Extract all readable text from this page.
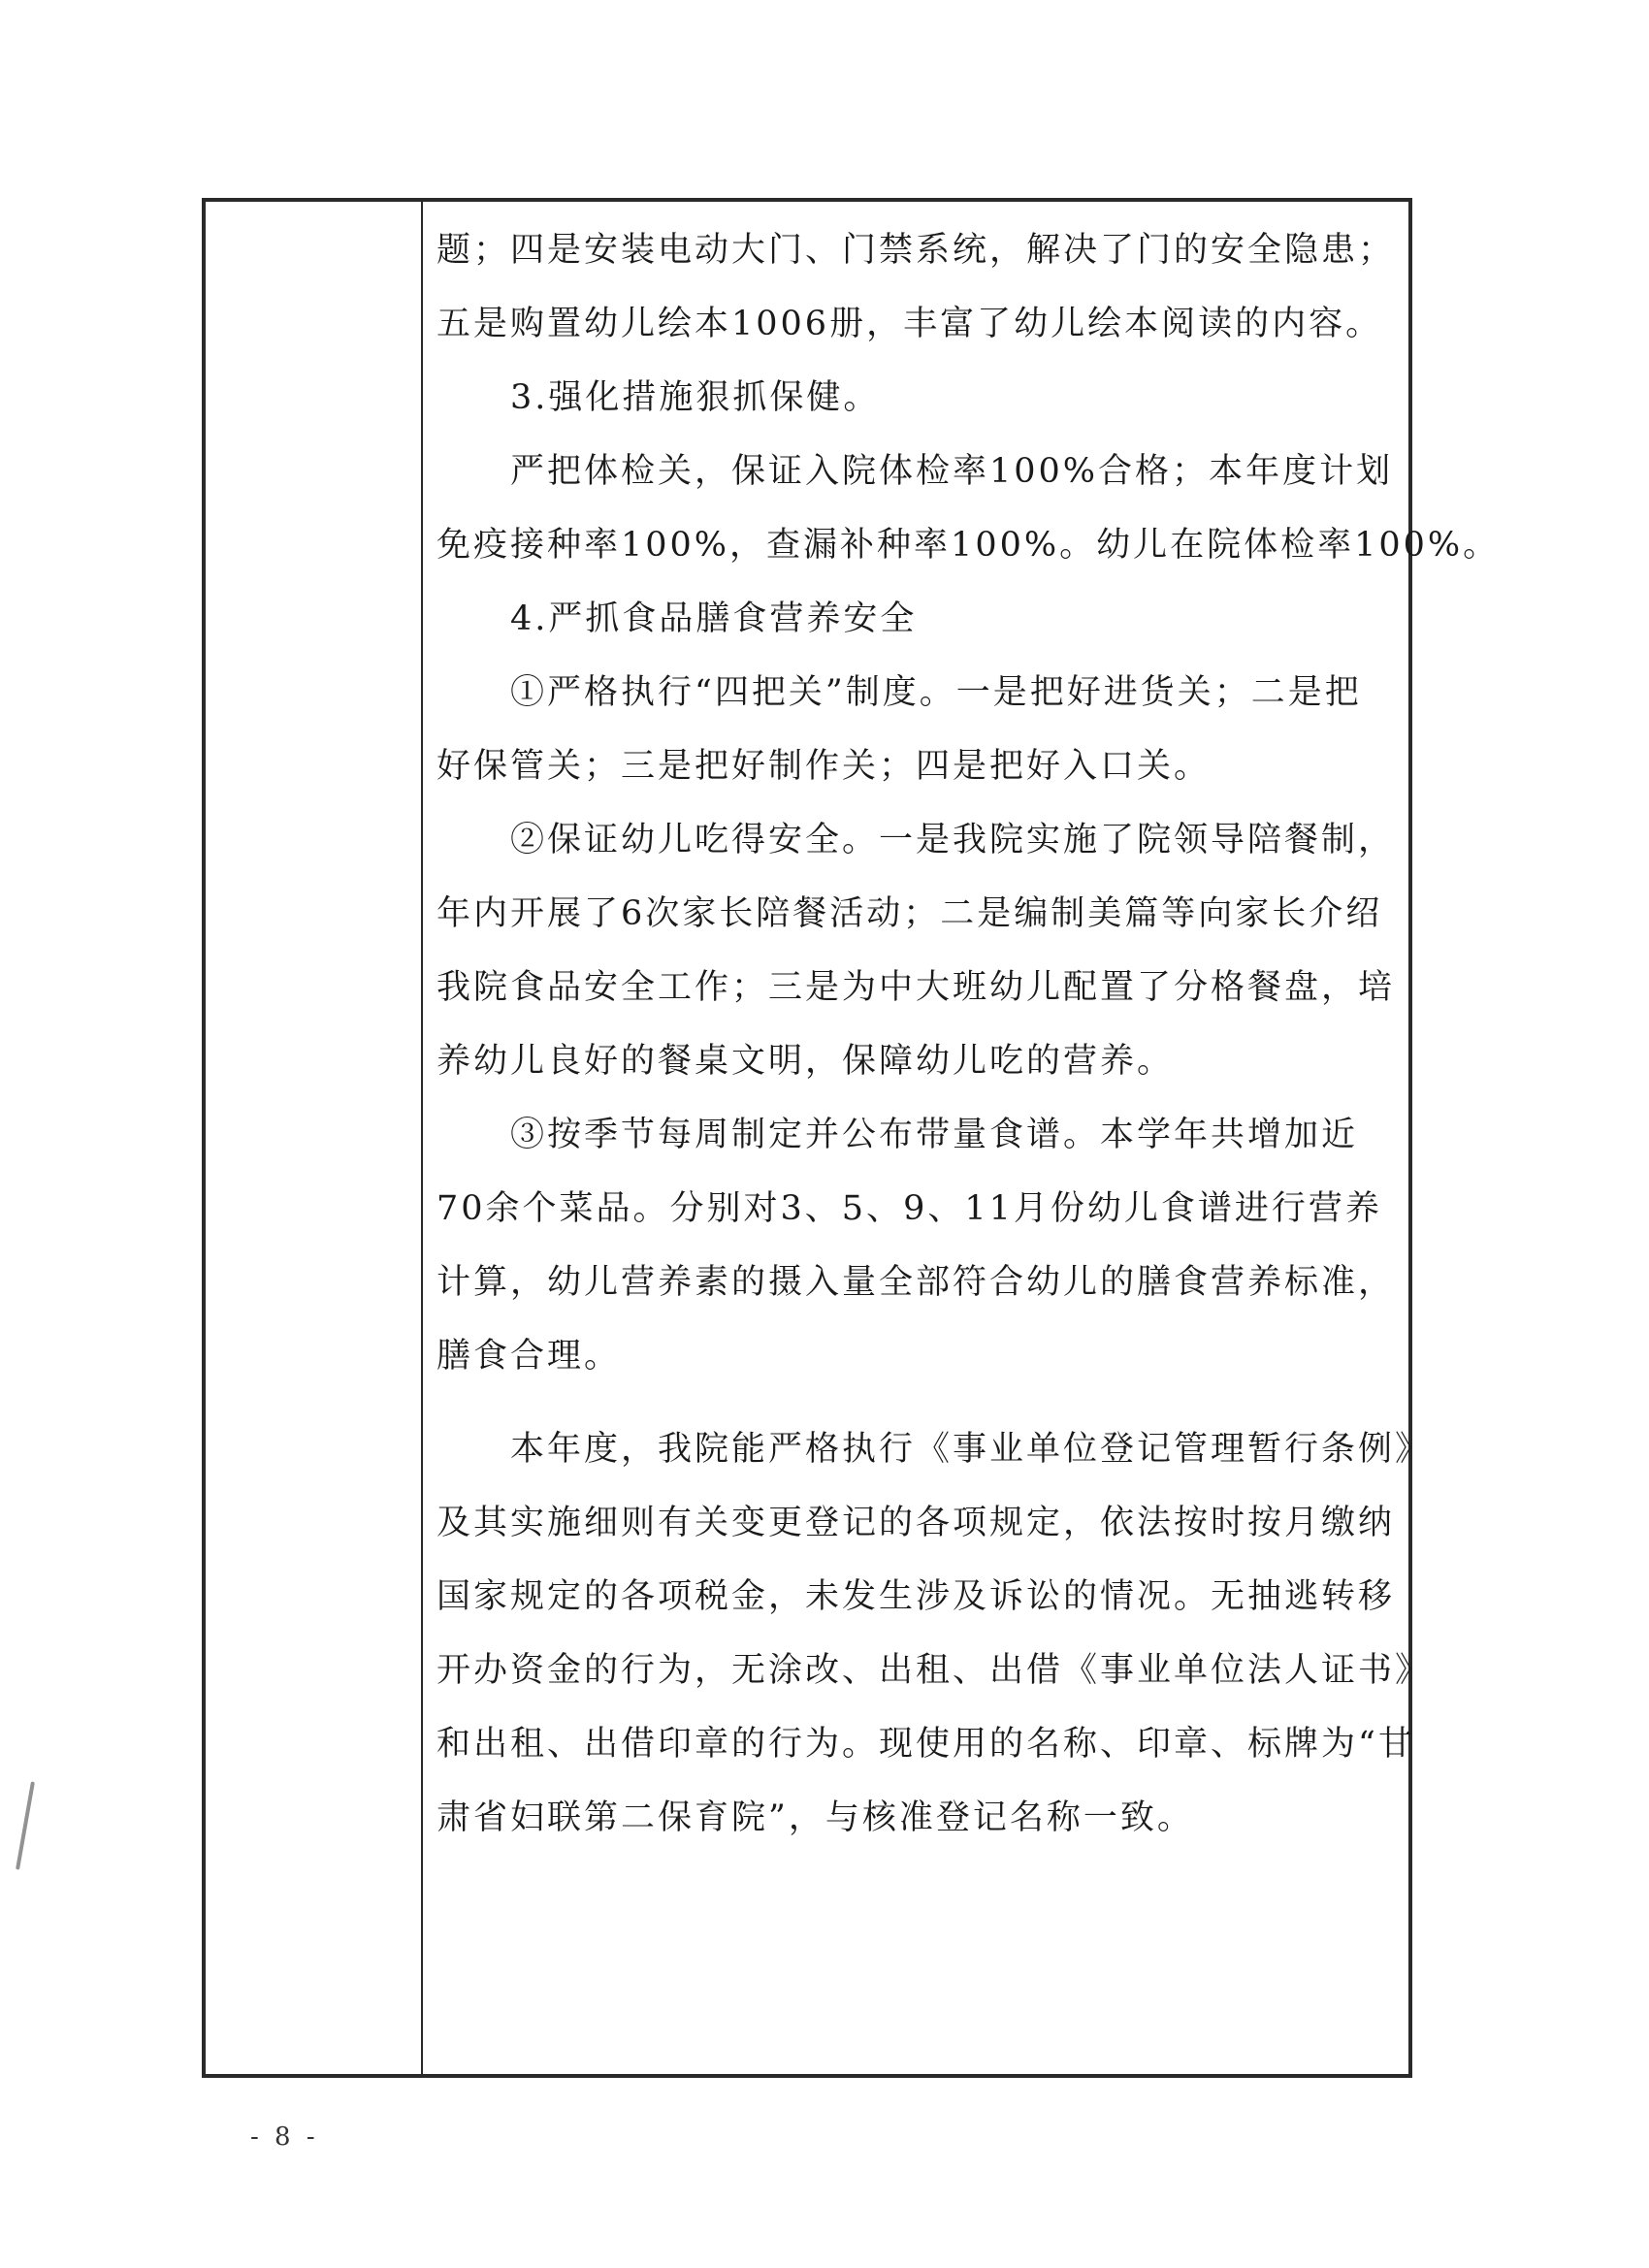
题；四是安装电动大门、门禁系统，解决了门的安全隐患；
五是购置幼儿绘本1006册，丰富了幼儿绘本阅读的内容。
3.强化措施狠抓保健。
严把体检关，保证入院体检率100%合格；本年度计划
免疫接种率100%，查漏补种率100%。幼儿在院体检率100%。
4.严抓食品膳食营养安全
①严格执行“四把关”制度。一是把好进货关；二是把
好保管关；三是把好制作关；四是把好入口关。
②保证幼儿吃得安全。一是我院实施了院领导陪餐制，
年内开展了6次家长陪餐活动；二是编制美篇等向家长介绍
我院食品安全工作；三是为中大班幼儿配置了分格餐盘，培
养幼儿良好的餐桌文明，保障幼儿吃的营养。
③按季节每周制定并公布带量食谱。本学年共增加近
70余个菜品。分别对3、5、9、11月份幼儿食谱进行营养
计算，幼儿营养素的摄入量全部符合幼儿的膳食营养标准，
膳食合理。
本年度，我院能严格执行《事业单位登记管理暂行条例》
及其实施细则有关变更登记的各项规定，依法按时按月缴纳
国家规定的各项税金，未发生涉及诉讼的情况。无抽逃转移
开办资金的行为，无涂改、出租、出借《事业单位法人证书》
和出租、出借印章的行为。现使用的名称、印章、标牌为“甘
肃省妇联第二保育院”，与核准登记名称一致。
- 8 -
